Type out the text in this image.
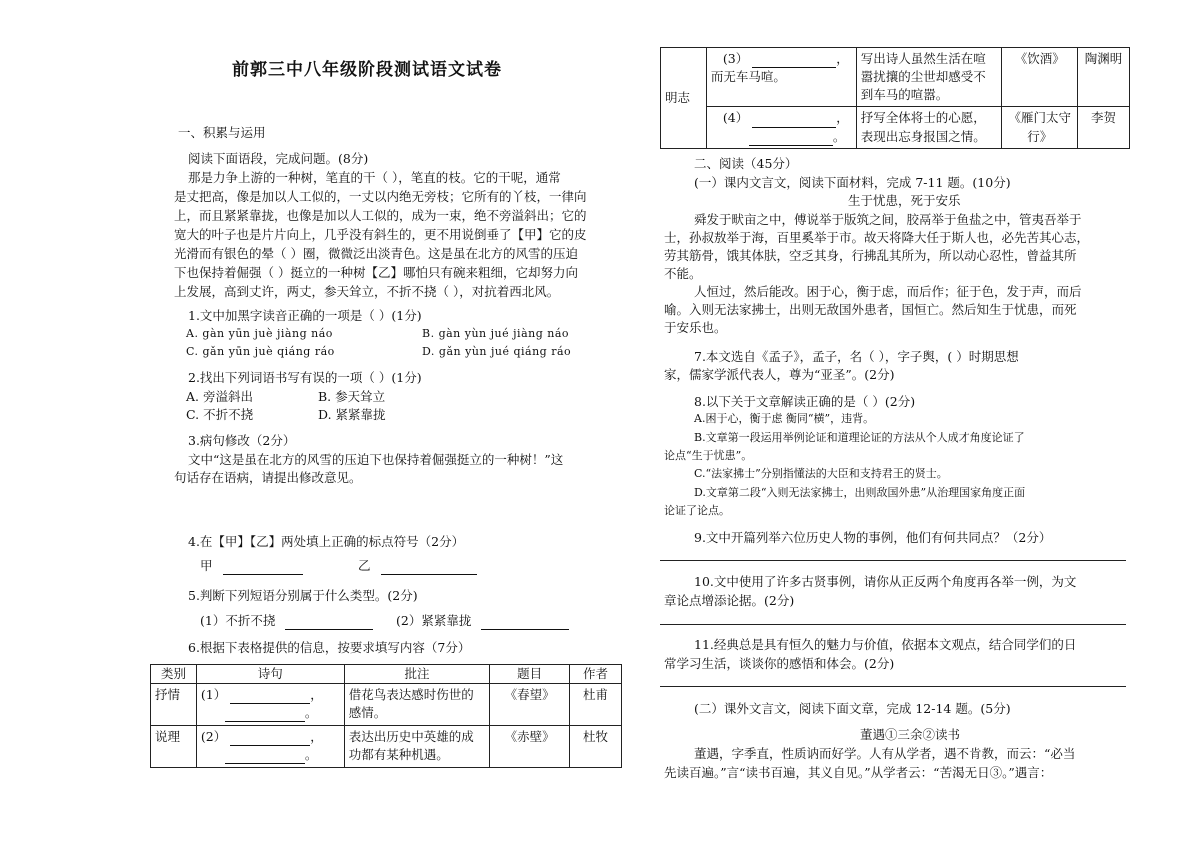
前郭三中八年级阶段测试语文试卷
一、积累与运用
阅读下面语段，完成问题。(8分)
那是力争上游的一种树，笔直的干（ ），笔直的枝。它的干呢，通常
是丈把高，像是加以人工似的，一丈以内绝无旁枝；它所有的丫枝，一律向
上，而且紧紧靠拢，也像是加以人工似的，成为一束，绝不旁溢斜出；它的
宽大的叶子也是片片向上，几乎没有斜生的，更不用说倒垂了【甲】它的皮
光滑而有银色的晕（ ）圈，微微泛出淡青色。这是虽在北方的风雪的压迫
下也保持着倔强（ ）挺立的一种树【乙】哪怕只有碗来粗细，它却努力向
上发展，高到丈许，两丈，参天耸立，不折不挠（ ），对抗着西北风。
1.文中加黑字读音正确的一项是（ ）(1分)
A. gàn yūn juè jiàng náo	B. gàn yùn jué jiàng náo
C. gǎn yūn juè qiáng ráo	D. gǎn yùn jué qiáng ráo
2.找出下列词语书写有误的一项（ ）(1分)
A. 旁溢斜出	B. 参天耸立
C. 不折不挠	D. 紧紧靠拢
3.病句修改（2分）
文中“这是虽在北方的风雪的压迫下也保持着倔强挺立的一种树！”这
句话存在语病，请提出修改意见。
4.在【甲】【乙】两处填上正确的标点符号（2分）
甲	乙
5.判断下列短语分别属于什么类型。(2分)
(1）不折不挠	(2）紧紧靠拢
6.根据下表格提供的信息，按要求填写内容（7分）
类别	诗句	批注	题目	作者
抒情	(1） ，
。	借花鸟表达感时伤世的感情。	《春望》	杜甫
说理	(2） ，
。	表达出历史中英雄的成功都有某种机遇。	《赤壁》	杜牧
明志	(3） ，
而无车马喧。	写出诗人虽然生活在喧嚣扰攘的尘世却感受不到车马的喧嚣。	《饮酒》	陶渊明

	(4） ，
。	抒写全体将士的心愿，表现出忘身报国之情。	《雁门太守行》	李贺
二、阅读（45分）
(一）课内文言文，阅读下面材料，完成 7-11 题。(10分)
生于忧患，死于安乐
舜发于畎亩之中，傅说举于版筑之间，胶鬲举于鱼盐之中，管夷吾举于
士，孙叔敖举于海，百里奚举于市。故天将降大任于斯人也，必先苦其心志，
劳其筋骨，饿其体肤，空乏其身，行拂乱其所为，所以动心忍性，曾益其所
不能。
人恒过，然后能改。困于心，衡于虑，而后作；征于色，发于声，而后
喻。入则无法家拂士，出则无敌国外患者，国恒亡。然后知生于忧患，而死
于安乐也。
7.本文选自《孟子》，孟子，名（ ），字子舆，( ）时期思想
家，儒家学派代表人，尊为“亚圣”。(2分)
8.以下关于文章解读正确的是（ ）(2分)
A.困于心，衡于虑 衡同“横”，违背。
B.文章第一段运用举例论证和道理论证的方法从个人成才角度论证了
论点“生于忧患”。
C.“法家拂士”分别指懂法的大臣和支持君王的贤士。
D.文章第二段“入则无法家拂士，出则敌国外患”从治理国家角度正面
论证了论点。
9.文中开篇列举六位历史人物的事例，他们有何共同点？（2分）
10.文中使用了许多古贤事例，请你从正反两个角度再各举一例，为文
章论点增添论据。(2分)
11.经典总是具有恒久的魅力与价值，依据本文观点，结合同学们的日
常学习生活，谈谈你的感悟和体会。(2分)
(二）课外文言文，阅读下面文章，完成 12-14 题。(5分)
董遇①三余②读书
董遇，字季直，性质讷而好学。人有从学者，遇不肯教，而云：“必当
先读百遍。”言“读书百遍，其义自见。”从学者云：“苦渴无日③。”遇言：
